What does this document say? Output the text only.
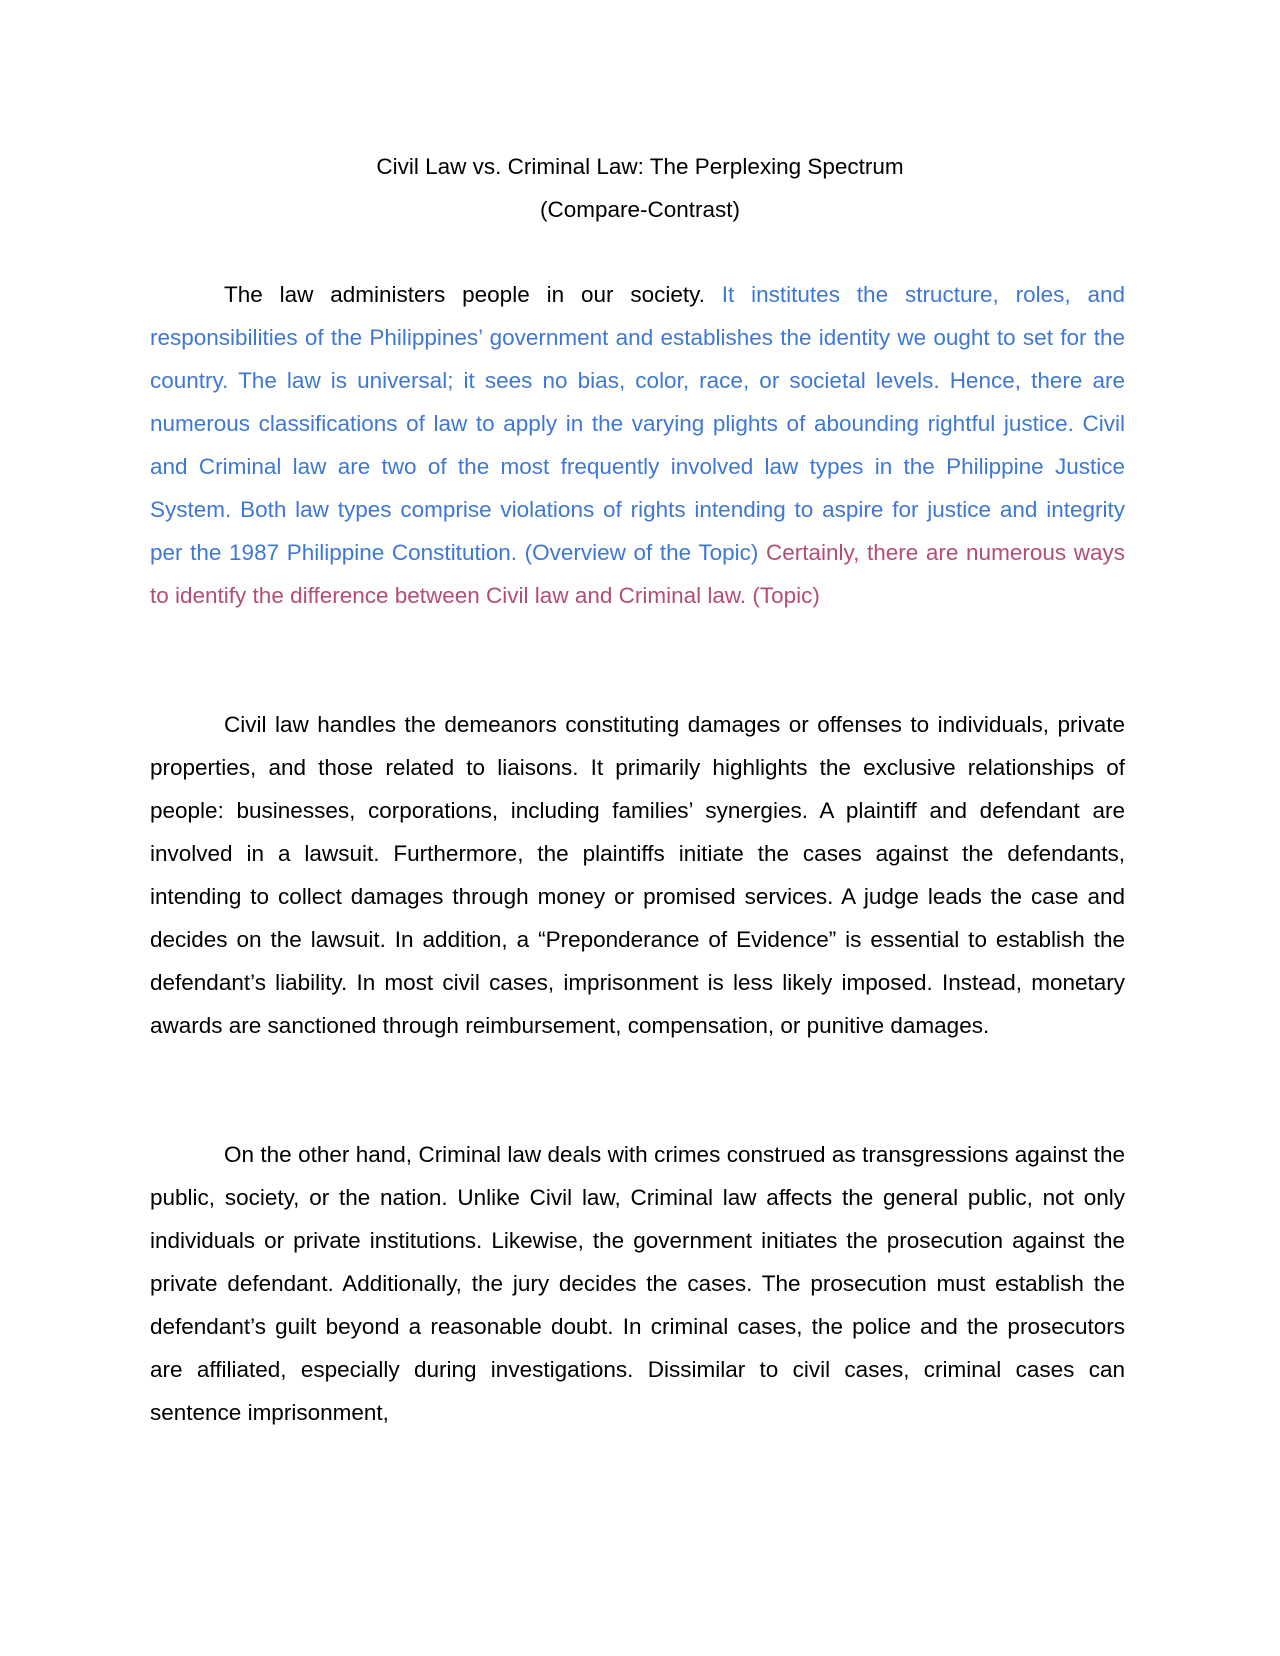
Civil Law vs. Criminal Law: The Perplexing Spectrum
(Compare-Contrast)

The law administers people in our society. It institutes the structure, roles, and responsibilities of the Philippines’ government and establishes the identity we ought to set for the country. The law is universal; it sees no bias, color, race, or societal levels. Hence, there are numerous classifications of law to apply in the varying plights of abounding rightful justice. Civil and Criminal law are two of the most frequently involved law types in the Philippine Justice System. Both law types comprise violations of rights intending to aspire for justice and integrity per the 1987 Philippine Constitution. (Overview of the Topic) Certainly, there are numerous ways to identify the difference between Civil law and Criminal law. (Topic)

Civil law handles the demeanors constituting damages or offenses to individuals, private properties, and those related to liaisons. It primarily highlights the exclusive relationships of people: businesses, corporations, including families’ synergies. A plaintiff and defendant are involved in a lawsuit. Furthermore, the plaintiffs initiate the cases against the defendants, intending to collect damages through money or promised services. A judge leads the case and decides on the lawsuit. In addition, a “Preponderance of Evidence” is essential to establish the defendant’s liability. In most civil cases, imprisonment is less likely imposed. Instead, monetary awards are sanctioned through reimbursement, compensation, or punitive damages.

On the other hand, Criminal law deals with crimes construed as transgressions against the public, society, or the nation. Unlike Civil law, Criminal law affects the general public, not only individuals or private institutions. Likewise, the government initiates the prosecution against the private defendant. Additionally, the jury decides the cases. The prosecution must establish the defendant’s guilt beyond a reasonable doubt. In criminal cases, the police and the prosecutors are affiliated, especially during investigations. Dissimilar to civil cases, criminal cases can sentence imprisonment,
